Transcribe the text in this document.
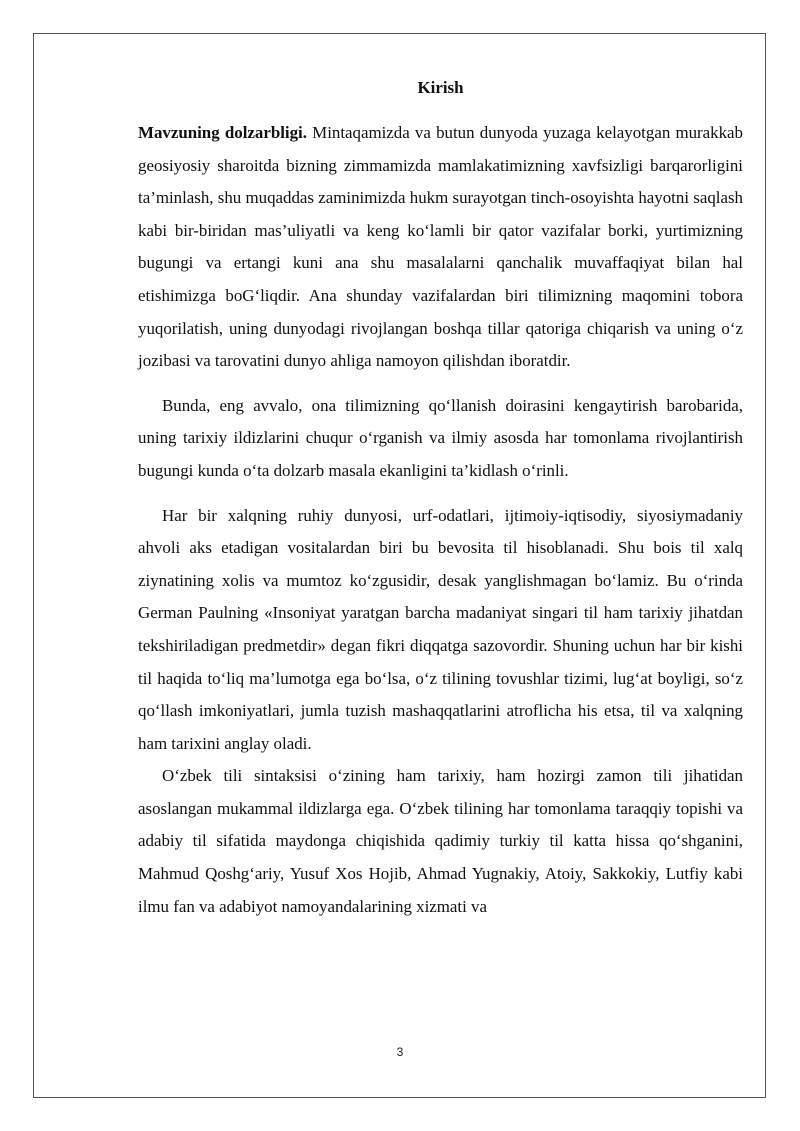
Kirish

Mavzuning dolzarbligi. Mintaqamizda va butun dunyoda yuzaga kelayotgan murakkab geosiyosiy sharoitda bizning zimmamizda mamlakatimizning xavfsizligi barqarorligini ta’minlash, shu muqaddas zaminimizda hukm surayotgan tinch-osoyishta hayotni saqlash kabi bir-biridan mas’uliyatli va keng ko‘lamli bir qator vazifalar borki, yurtimizning bugungi va ertangi kuni ana shu masalalarni qanchalik muvaffaqiyat bilan hal etishimizga boG‘liqdir. Ana shunday vazifalardan biri tilimizning maqomini tobora yuqorilatish, uning dunyodagi rivojlangan boshqa tillar qatoriga chiqarish va uning o‘z jozibasi va tarovatini dunyo ahliga namoyon qilishdan iboratdir.

Bunda, eng avvalo, ona tilimizning qo‘llanish doirasini kengaytirish barobarida, uning tarixiy ildizlarini chuqur o‘rganish va ilmiy asosda har tomonlama rivojlantirish bugungi kunda o‘ta dolzarb masala ekanligini ta’kidlash o‘rinli.

Har bir xalqning ruhiy dunyosi, urf-odatlari, ijtimoiy-iqtisodiy, siyosiymadaniy ahvoli aks etadigan vositalardan biri bu bevosita til hisoblanadi. Shu bois til xalq ziynatining xolis va mumtoz ko‘zgusidir, desak yanglishmagan bo‘lamiz. Bu o‘rinda German Paulning «Insoniyat yaratgan barcha madaniyat singari til ham tarixiy jihatdan tekshiriladigan predmetdir» degan fikri diqqatga sazovordir. Shuning uchun har bir kishi til haqida to‘liq ma’lumotga ega bo‘lsa, o‘z tilining tovushlar tizimi, lug‘at boyligi, so‘z qo‘llash imkoniyatlari, jumla tuzish mashaqqatlarini atroflicha his etsa, til va xalqning ham tarixini anglay oladi.

O‘zbek tili sintaksisi o‘zining ham tarixiy, ham hozirgi zamon tili jihatidan asoslangan mukammal ildizlarga ega. O‘zbek tilining har tomonlama taraqqiy topishi va adabiy til sifatida maydonga chiqishida qadimiy turkiy til katta hissa qo‘shganini, Mahmud Qoshg‘ariy, Yusuf Xos Hojib, Ahmad Yugnakiy, Atoiy, Sakkokiy, Lutfiy kabi ilmu fan va adabiyot namoyandalarining xizmati va

3
